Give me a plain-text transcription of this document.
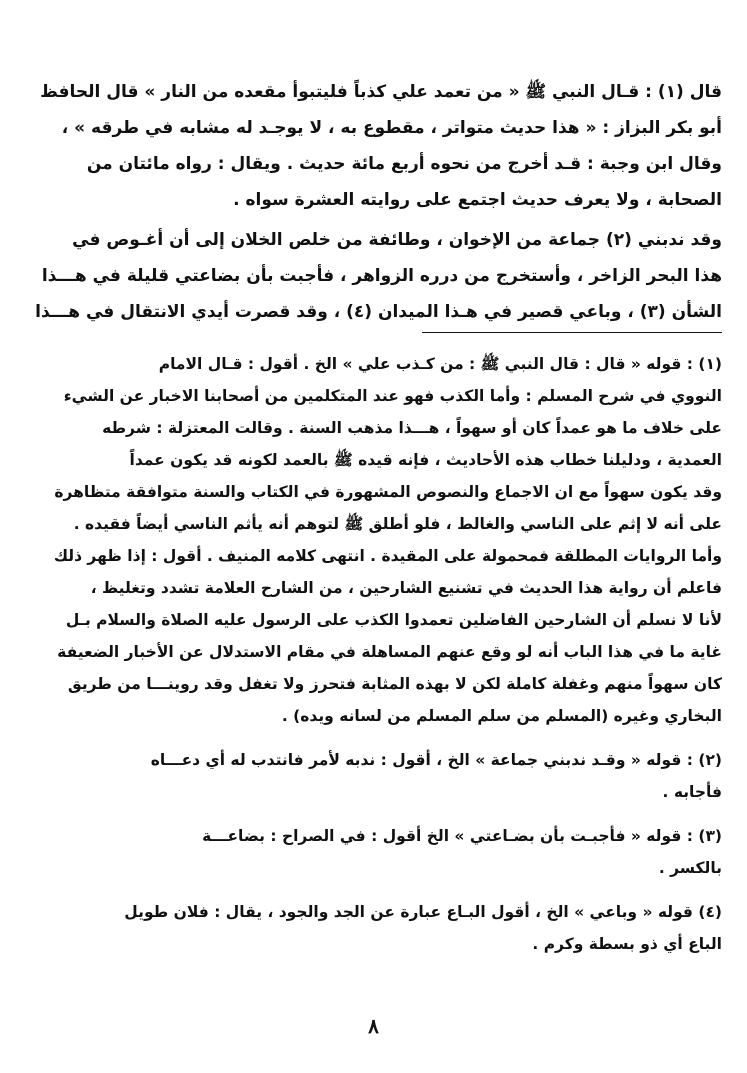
قال (١) : قـال النبي ﷺ « من تعمد علي كذباً فليتبوأ مقعده من النار » قال الحافظ
أبو بكر البزاز : « هذا حديث متواتر ، مقطوع به ، لا يوجـد له مشابه في طرقه » ،
وقال ابن وجبة : قـد أخرج من نحوه أربع مائة حديث . ويقال : رواه مائتان من
الصحابة ، ولا يعرف حديث اجتمع على روايته العشرة سواه .
وقد ندبني (٢) جماعة من الإخوان ، وطائفة من خلص الخلان إلى أن أغـوص في
هذا البحر الزاخر ، وأستخرج من درره الزواهر ، فأجبت بأن بضاعتي قليلة في هـــذا
الشأن (٣) ، وباعي قصير في هـذا الميدان (٤) ، وقد قصرت أيدي الانتقال في هـــذا
(١) : قوله « قال : قال النبي ﷺ : من كـذب علي » الخ . أقول : قـال الامام
النووي في شرح المسلم : وأما الكذب فهو عند المتكلمين من أصحابنا الاخبار عن الشيء
على خلاف ما هو عمداً كان أو سهواً ، هـــذا مذهب السنة . وقالت المعتزلة : شرطه
العمدية ، ودليلنا خطاب هذه الأحاديث ، فإنه قيده ﷺ بالعمد لكونه قد يكون عمداً
وقد يكون سهواً مع ان الاجماع والنصوص المشهورة في الكتاب والسنة متوافقة متظاهرة
على أنه لا إثم على الناسي والغالط ، فلو أطلق ﷺ لتوهم أنه يأثم الناسي أيضاً فقيده .
وأما الروايات المطلقة فمحمولة على المقيدة . انتهى كلامه المنيف . أقول : إذا ظهر ذلك
فاعلم أن رواية هذا الحديث في تشنيع الشارحين ، من الشارح العلامة تشدد وتغليظ ،
لأنا لا نسلم أن الشارحين الفاضلين تعمدوا الكذب على الرسول عليه الصلاة والسلام بـل
غاية ما في هذا الباب أنه لو وقع عنهم المساهلة في مقام الاستدلال عن الأخبار الضعيفة
كان سهواً منهم وغفلة كاملة لكن لا بهذه المثابة فتحرز ولا تغفل وقد روينـــا من طريق
البخاري وغيره (المسلم من سلم المسلم من لسانه ويده) .
(٢) : قوله « وقـد ندبني جماعة » الخ ، أقول : ندبه لأمر فانتدب له أي دعـــاه
فأجابه .
(٣) : قوله « فأجبـت بأن بضـاعتي » الخ أقول : في الصراح : بضاعـــة
بالكسر .
(٤) قوله « وباعي » الخ ، أقول البـاع عبارة عن الجد والجود ، يقال : فلان طويل
الباع أي ذو بسطة وكرم .
٨
